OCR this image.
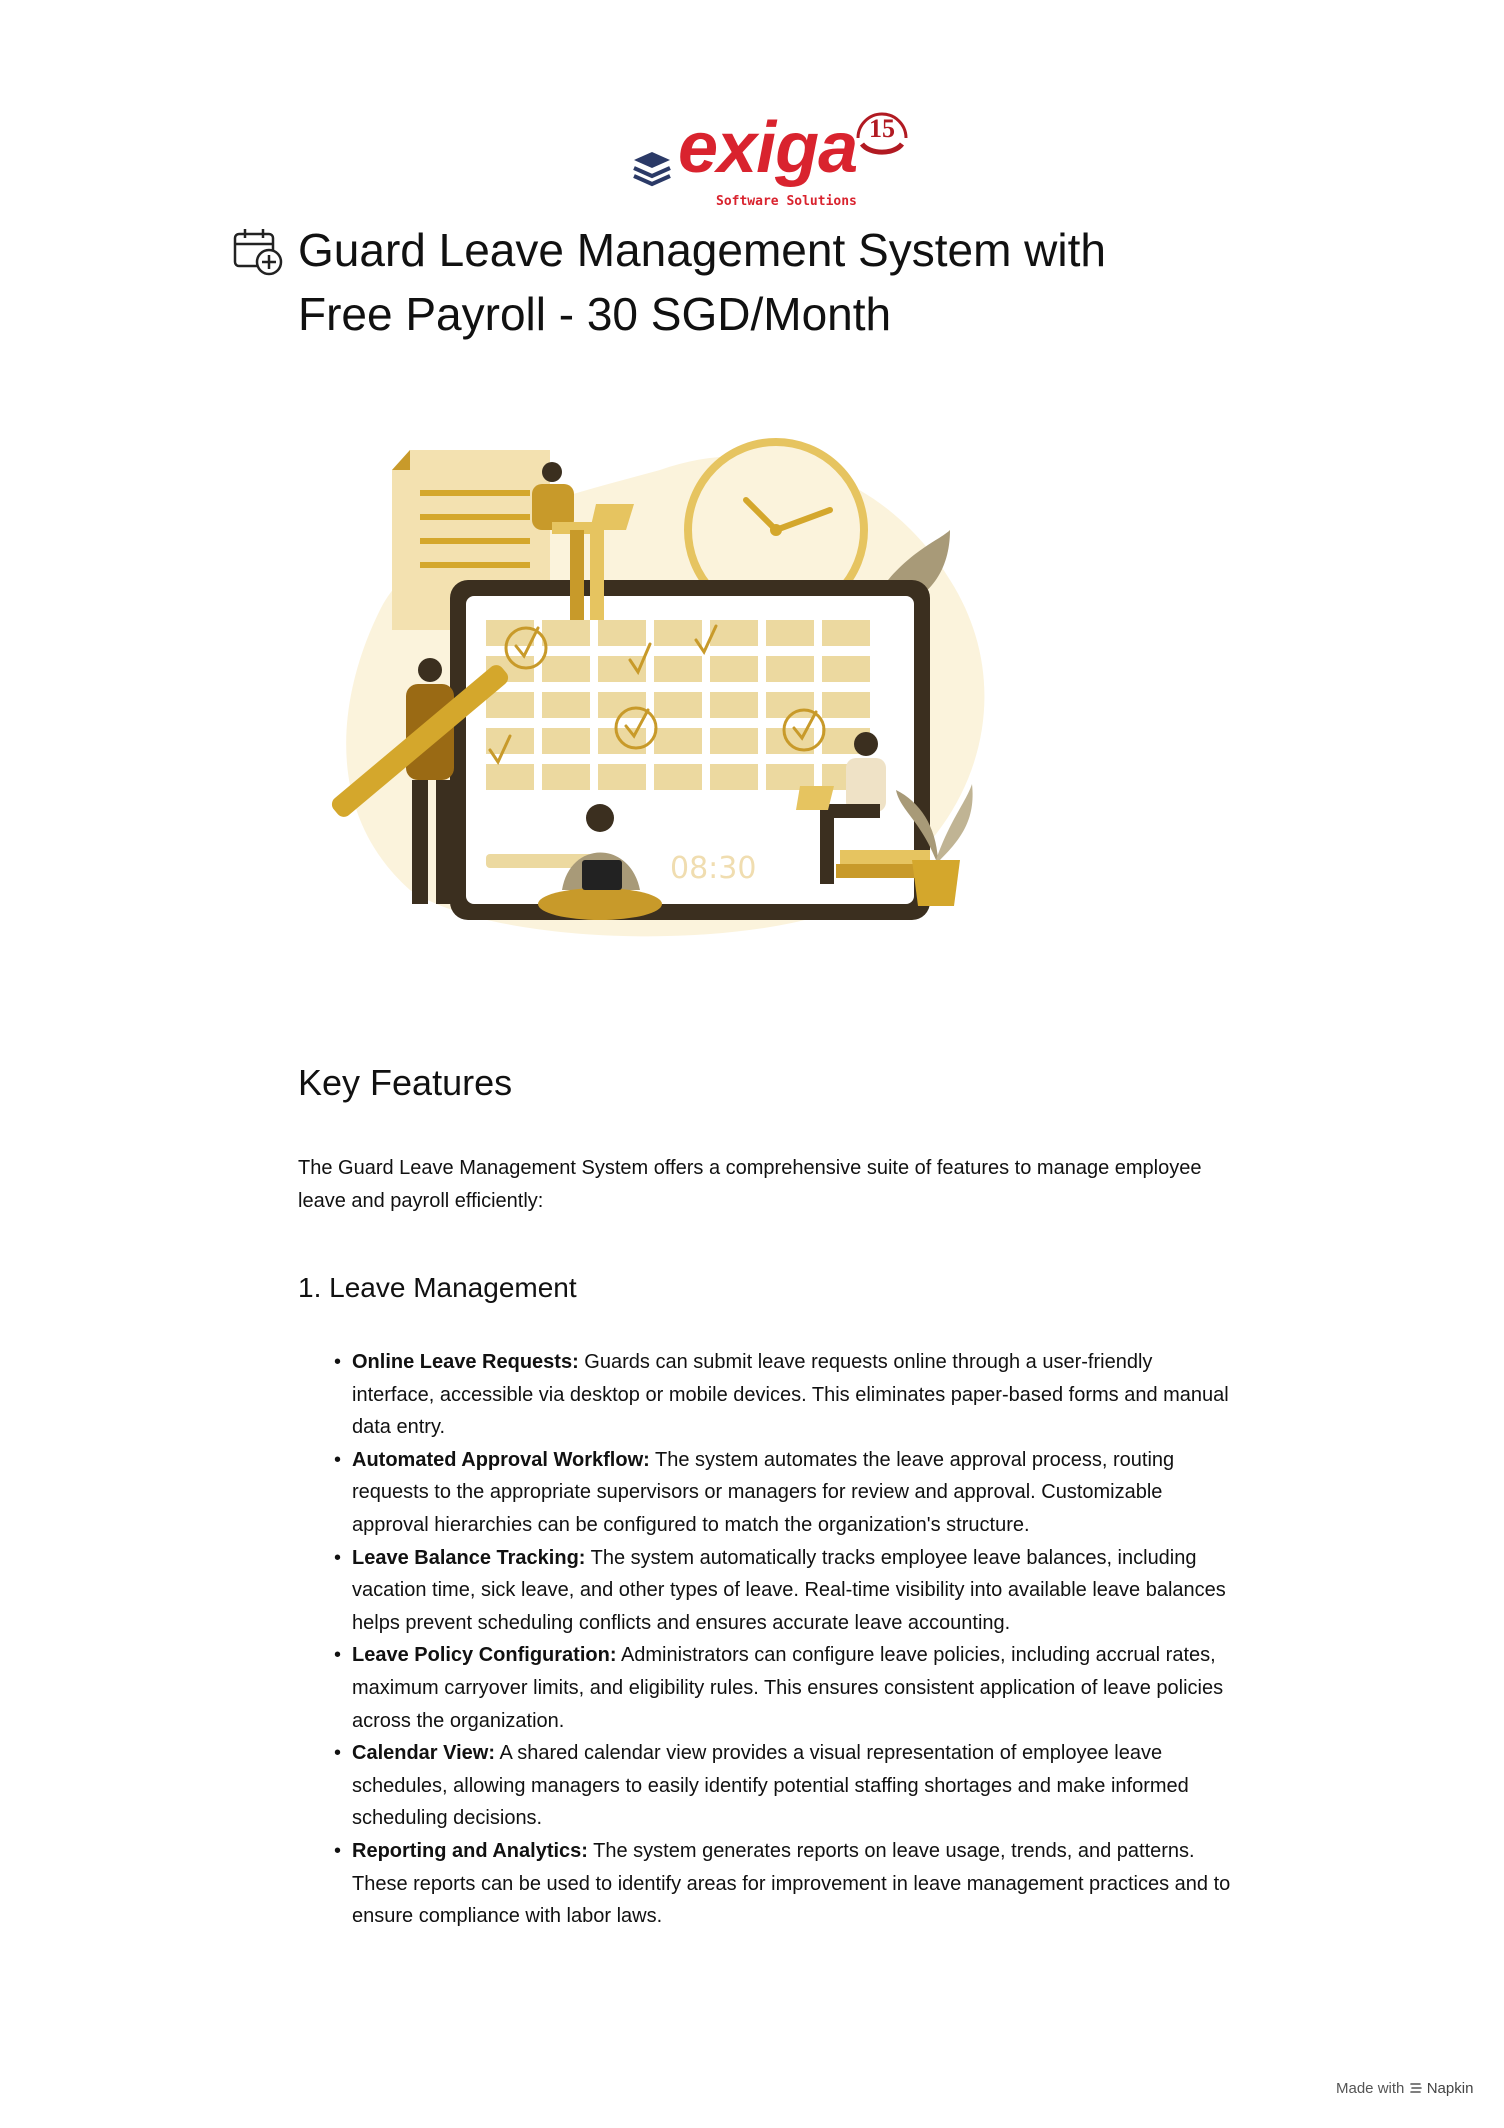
exiga 15
Software Solutions
Guard Leave Management System with Free Payroll - 30 SGD/Month
08:30
Key Features

The Guard Leave Management System offers a comprehensive suite of features to manage employee leave and payroll efficiently:

1. Leave Management
• Online Leave Requests: Guards can submit leave requests online through a user-friendly interface, accessible via desktop or mobile devices. This eliminates paper-based forms and manual data entry.
• Automated Approval Workflow: The system automates the leave approval process, routing requests to the appropriate supervisors or managers for review and approval. Customizable approval hierarchies can be configured to match the organization's structure.
• Leave Balance Tracking: The system automatically tracks employee leave balances, including vacation time, sick leave, and other types of leave. Real-time visibility into available leave balances helps prevent scheduling conflicts and ensures accurate leave accounting.
• Leave Policy Configuration: Administrators can configure leave policies, including accrual rates, maximum carryover limits, and eligibility rules. This ensures consistent application of leave policies across the organization.
• Calendar View: A shared calendar view provides a visual representation of employee leave schedules, allowing managers to easily identify potential staffing shortages and make informed scheduling decisions.
• Reporting and Analytics: The system generates reports on leave usage, trends, and patterns. These reports can be used to identify areas for improvement in leave management practices and to ensure compliance with labor laws.
Made with Napkin
